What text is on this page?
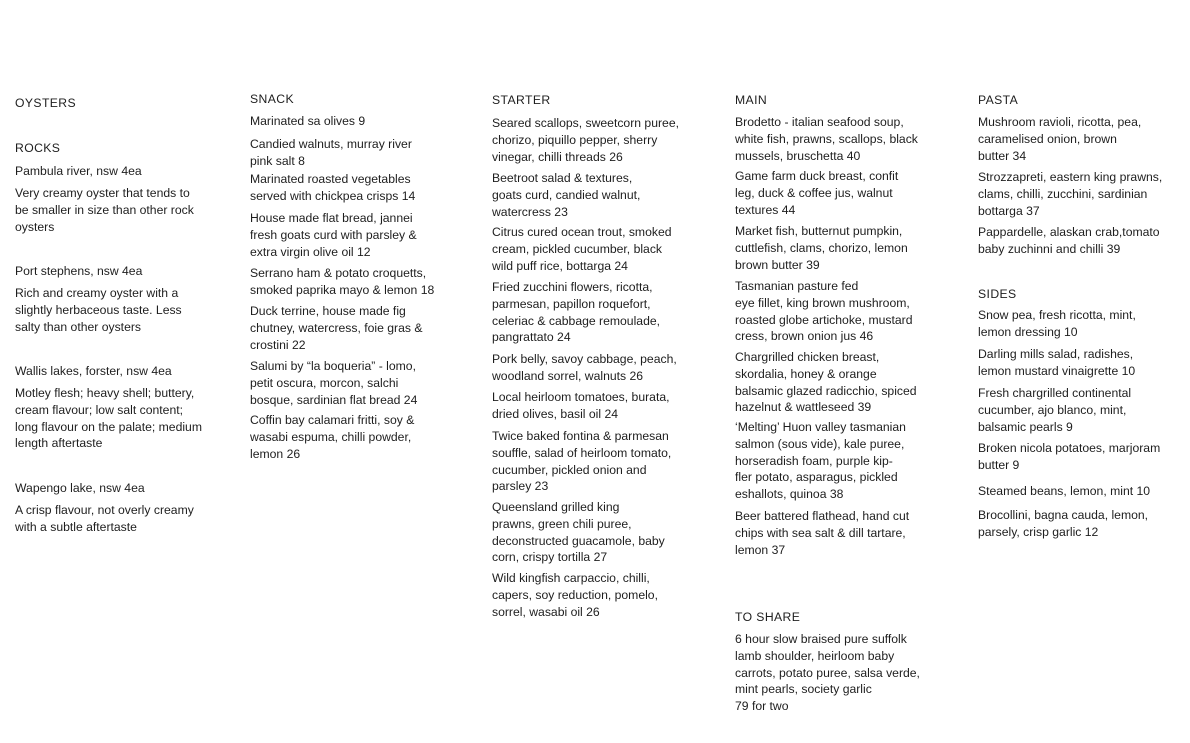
OYSTERS
ROCKS
Pambula river, nsw 4ea
Very creamy oyster that tends to
be smaller in size than other rock
oysters
Port stephens, nsw 4ea
Rich and creamy oyster with a
slightly herbaceous taste. Less
salty than other oysters
Wallis lakes, forster, nsw 4ea
Motley flesh; heavy shell; buttery,
cream flavour; low salt content;
long flavour on the palate; medium
length aftertaste
Wapengo lake, nsw 4ea
A crisp flavour, not overly creamy
with a subtle aftertaste
SNACK
Marinated sa olives 9
Candied walnuts, murray river
pink salt 8
Marinated roasted vegetables
served with chickpea crisps 14
House made flat bread, jannei
fresh goats curd with parsley &
extra virgin olive oil 12
Serrano ham & potato croquetts,
smoked paprika mayo & lemon 18
Duck terrine, house made fig
chutney, watercress, foie gras &
crostini 22
Salumi by “la boqueria” - lomo,
petit oscura, morcon, salchi
bosque, sardinian flat bread 24
Coffin bay calamari fritti, soy &
wasabi espuma, chilli powder,
lemon 26
STARTER
Seared scallops, sweetcorn puree,
chorizo, piquillo pepper, sherry
vinegar, chilli threads 26
Beetroot salad & textures,
goats curd, candied walnut,
watercress 23
Citrus cured ocean trout, smoked
cream, pickled cucumber, black
wild puff rice, bottarga 24
Fried zucchini flowers, ricotta,
parmesan, papillon roquefort,
celeriac & cabbage remoulade,
pangrattato 24
Pork belly, savoy cabbage, peach,
woodland sorrel, walnuts 26
Local heirloom tomatoes, burata,
dried olives, basil oil 24
Twice baked fontina & parmesan
souffle, salad of heirloom tomato,
cucumber, pickled onion and
parsley 23
Queensland grilled king
prawns, green chili puree,
deconstructed guacamole, baby
corn, crispy tortilla 27
Wild kingfish carpaccio, chilli,
capers, soy reduction, pomelo,
sorrel, wasabi oil 26
MAIN
Brodetto - italian seafood soup,
white fish, prawns, scallops, black
mussels, bruschetta 40
Game farm duck breast, confit
leg, duck & coffee jus, walnut
textures 44
Market fish, butternut pumpkin,
cuttlefish, clams, chorizo, lemon
brown butter 39
Tasmanian pasture fed
eye fillet, king brown mushroom,
roasted globe artichoke, mustard
cress, brown onion jus 46
Chargrilled chicken breast,
skordalia, honey & orange
balsamic glazed radicchio, spiced
hazelnut & wattleseed 39
‘Melting’ Huon valley tasmanian
salmon (sous vide), kale puree,
horseradish foam, purple kip-
fler potato, asparagus, pickled
eshallots, quinoa 38
Beer battered flathead, hand cut
chips with sea salt & dill tartare,
lemon 37
TO SHARE
6 hour slow braised pure suffolk
lamb shoulder, heirloom baby
carrots, potato puree, salsa verde,
mint pearls, society garlic
79 for two
PASTA
Mushroom ravioli, ricotta, pea,
caramelised onion, brown
butter 34
Strozzapreti, eastern king prawns,
clams, chilli, zucchini, sardinian
bottarga 37
Pappardelle, alaskan crab,tomato
baby zuchinni and chilli 39
SIDES
Snow pea, fresh ricotta, mint,
lemon dressing 10
Darling mills salad, radishes,
lemon mustard vinaigrette 10
Fresh chargrilled continental
cucumber, ajo blanco, mint,
balsamic pearls 9
Broken nicola potatoes, marjoram
butter 9
Steamed beans, lemon, mint 10
Brocollini, bagna cauda, lemon,
parsely, crisp garlic 12
